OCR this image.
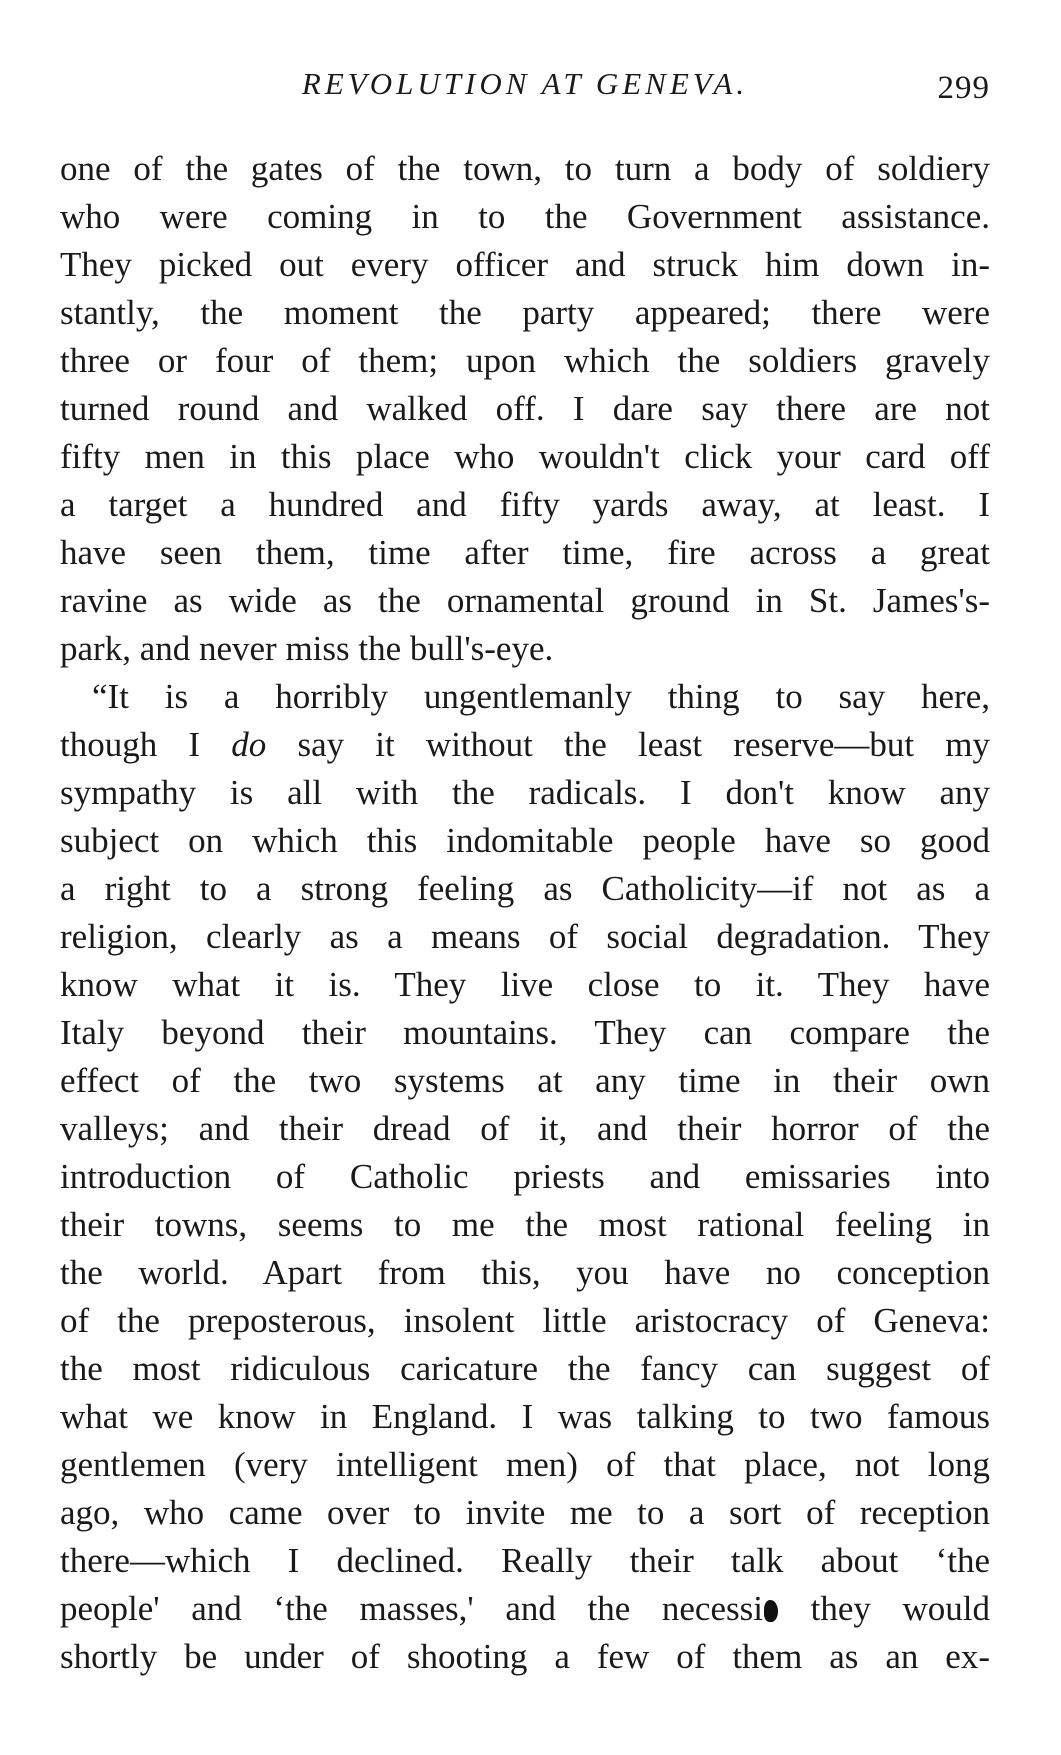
REVOLUTION AT GENEVA.	299
one of the gates of the town, to turn a body of soldiery
who were coming in to the Government assistance.
They picked out every officer and struck him down in-
stantly, the moment the party appeared; there were
three or four of them; upon which the soldiers gravely
turned round and walked off. I dare say there are not
fifty men in this place who wouldn't click your card off
a target a hundred and fifty yards away, at least. I
have seen them, time after time, fire across a great
ravine as wide as the ornamental ground in St. James's-
park, and never miss the bull's-eye.
“It is a horribly ungentlemanly thing to say here,
though I do say it without the least reserve—but my
sympathy is all with the radicals. I don't know any
subject on which this indomitable people have so good
a right to a strong feeling as Catholicity—if not as a
religion, clearly as a means of social degradation. They
know what it is. They live close to it. They have
Italy beyond their mountains. They can compare the
effect of the two systems at any time in their own
valleys; and their dread of it, and their horror of the
introduction of Catholic priests and emissaries into
their towns, seems to me the most rational feeling in
the world. Apart from this, you have no conception
of the preposterous, insolent little aristocracy of Geneva:
the most ridiculous caricature the fancy can suggest of
what we know in England. I was talking to two famous
gentlemen (very intelligent men) of that place, not long
ago, who came over to invite me to a sort of reception
there—which I declined. Really their talk about ‘the
people' and ‘the masses,' and the necessi they would
shortly be under of shooting a few of them as an ex-
